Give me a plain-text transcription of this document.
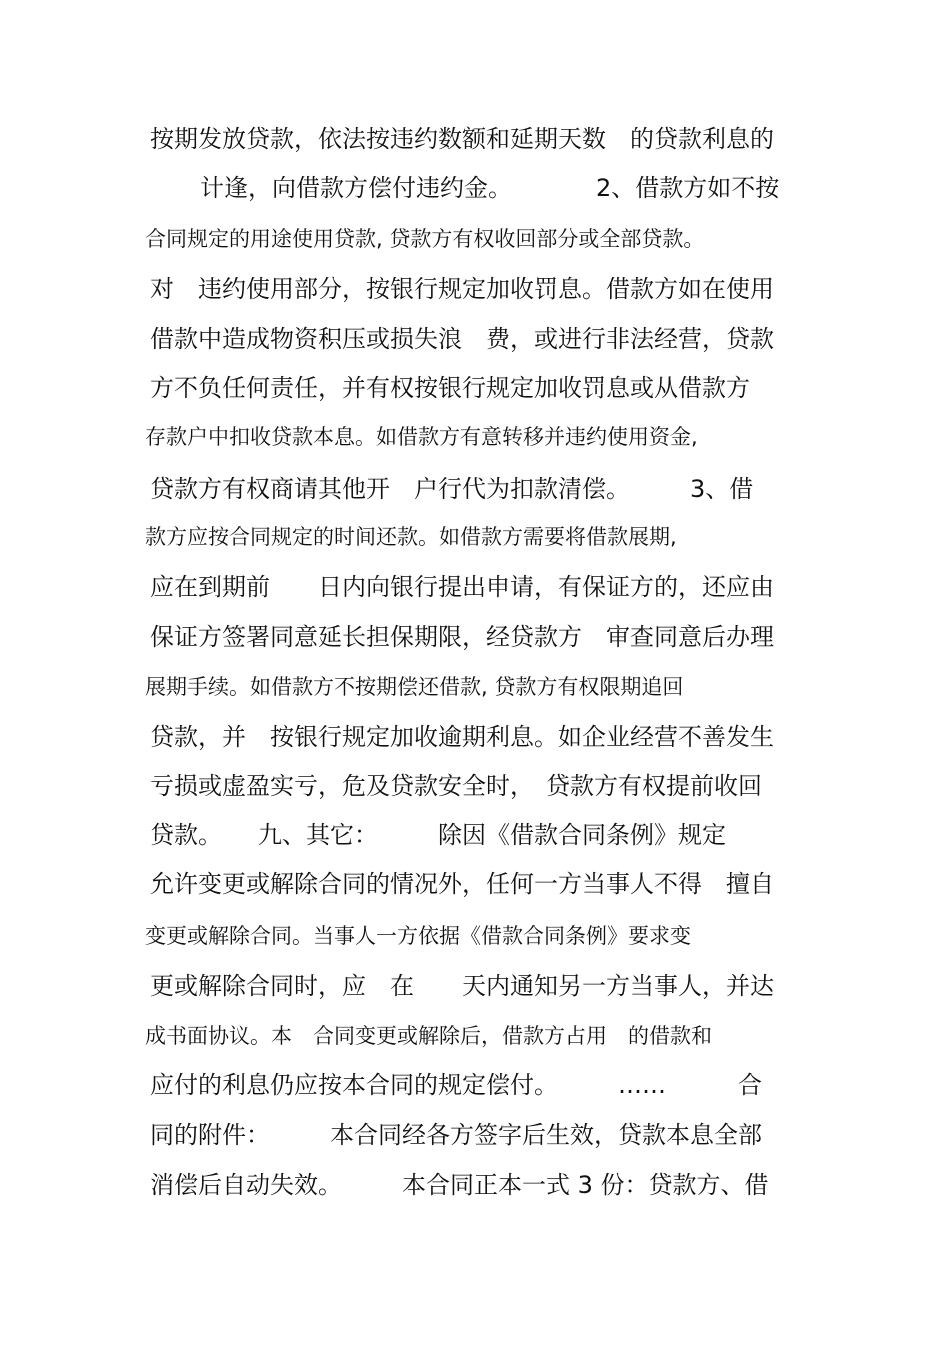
按期发放贷款，依法按违约数额和延期天数　的贷款利息的
　计逢，向借款方偿付违约金。　　　　2、借款方如不按
合同规定的用途使用贷款, 贷款方有权收回部分或全部贷款。
对　违约使用部分，按银行规定加收罚息。借款方如在使用
借款中造成物资积压或损失浪　费，或进行非法经营，贷款
方不负任何责任，并有权按银行规定加收罚息或从借款方
存款户中扣收贷款本息。如借款方有意转移并违约使用资金,
贷款方有权商请其他开　户行代为扣款清偿。　　　3、借
款方应按合同规定的时间还款。如借款方需要将借款展期,
应在到期前　　日内向银行提出申请，有保证方的，还应由
保证方签署同意延长担保期限，经贷款方　审查同意后办理
展期手续。如借款方不按期偿还借款, 贷款方有权限期追回
贷款，并　按银行规定加收逾期利息。如企业经营不善发生
亏损或虚盈实亏，危及贷款安全时，　贷款方有权提前收回
贷款。　　九、其它：　　　除因《借款合同条例》规定
允许变更或解除合同的情况外，任何一方当事人不得　擅自
变更或解除合同。当事人一方依据《借款合同条例》要求变
更或解除合同时，应　在　　天内通知另一方当事人，并达
成书面协议。本　合同变更或解除后，借款方占用　的借款和
应付的利息仍应按本合同的规定偿付。　　　……　　　合
同的附件：　　　本合同经各方签字后生效，贷款本息全部
消偿后自动失效。　　　本合同正本一式 3 份：贷款方、借
